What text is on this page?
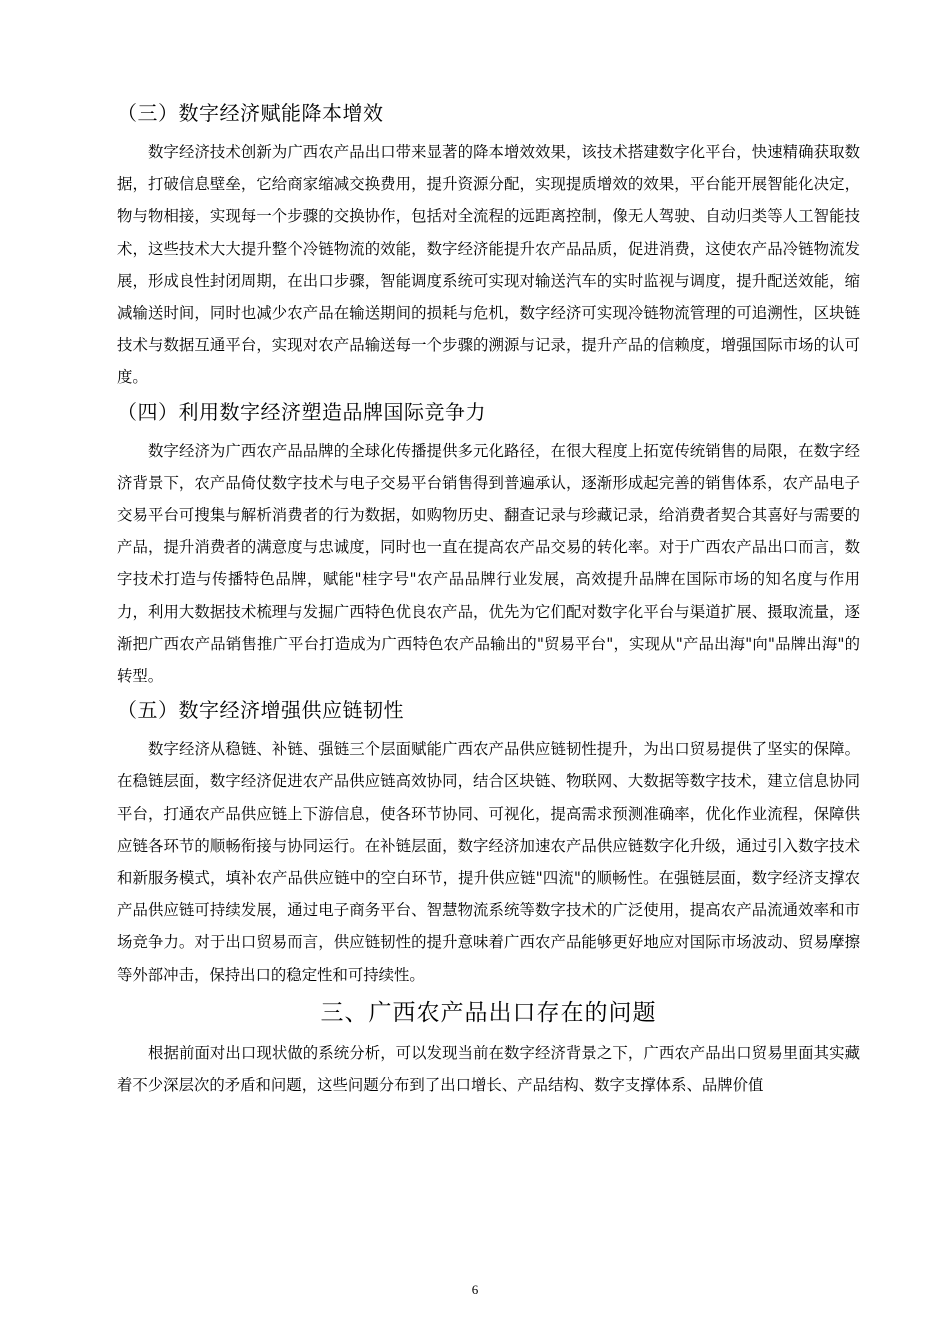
（三）数字经济赋能降本增效

数字经济技术创新为广西农产品出口带来显著的降本增效效果，该技术搭建数字化平台，快速精确获取数据，打破信息壁垒，它给商家缩减交换费用，提升资源分配，实现提质增效的效果，平台能开展智能化决定，物与物相接，实现每一个步骤的交换协作，包括对全流程的远距离控制，像无人驾驶、自动归类等人工智能技术，这些技术大大提升整个冷链物流的效能，数字经济能提升农产品品质，促进消费，这使农产品冷链物流发展，形成良性封闭周期，在出口步骤，智能调度系统可实现对输送汽车的实时监视与调度，提升配送效能，缩减输送时间，同时也减少农产品在输送期间的损耗与危机，数字经济可实现冷链物流管理的可追溯性，区块链技术与数据互通平台，实现对农产品输送每一个步骤的溯源与记录，提升产品的信赖度，增强国际市场的认可度。

（四）利用数字经济塑造品牌国际竞争力

数字经济为广西农产品品牌的全球化传播提供多元化路径，在很大程度上拓宽传统销售的局限，在数字经济背景下，农产品倚仗数字技术与电子交易平台销售得到普遍承认，逐渐形成起完善的销售体系，农产品电子交易平台可搜集与解析消费者的行为数据，如购物历史、翻查记录与珍藏记录，给消费者契合其喜好与需要的产品，提升消费者的满意度与忠诚度，同时也一直在提高农产品交易的转化率。对于广西农产品出口而言，数字技术打造与传播特色品牌，赋能"桂字号"农产品品牌行业发展，高效提升品牌在国际市场的知名度与作用力，利用大数据技术梳理与发掘广西特色优良农产品，优先为它们配对数字化平台与渠道扩展、摄取流量，逐渐把广西农产品销售推广平台打造成为广西特色农产品输出的"贸易平台"，实现从"产品出海"向"品牌出海"的转型。

（五）数字经济增强供应链韧性

数字经济从稳链、补链、强链三个层面赋能广西农产品供应链韧性提升，为出口贸易提供了坚实的保障。在稳链层面，数字经济促进农产品供应链高效协同，结合区块链、物联网、大数据等数字技术，建立信息协同平台，打通农产品供应链上下游信息，使各环节协同、可视化，提高需求预测准确率，优化作业流程，保障供应链各环节的顺畅衔接与协同运行。在补链层面，数字经济加速农产品供应链数字化升级，通过引入数字技术和新服务模式，填补农产品供应链中的空白环节，提升供应链"四流"的顺畅性。在强链层面，数字经济支撑农产品供应链可持续发展，通过电子商务平台、智慧物流系统等数字技术的广泛使用，提高农产品流通效率和市场竞争力。对于出口贸易而言，供应链韧性的提升意味着广西农产品能够更好地应对国际市场波动、贸易摩擦等外部冲击，保持出口的稳定性和可持续性。

三、广西农产品出口存在的问题

根据前面对出口现状做的系统分析，可以发现当前在数字经济背景之下，广西农产品出口贸易里面其实藏着不少深层次的矛盾和问题，这些问题分布到了出口增长、产品结构、数字支撑体系、品牌价值

6
